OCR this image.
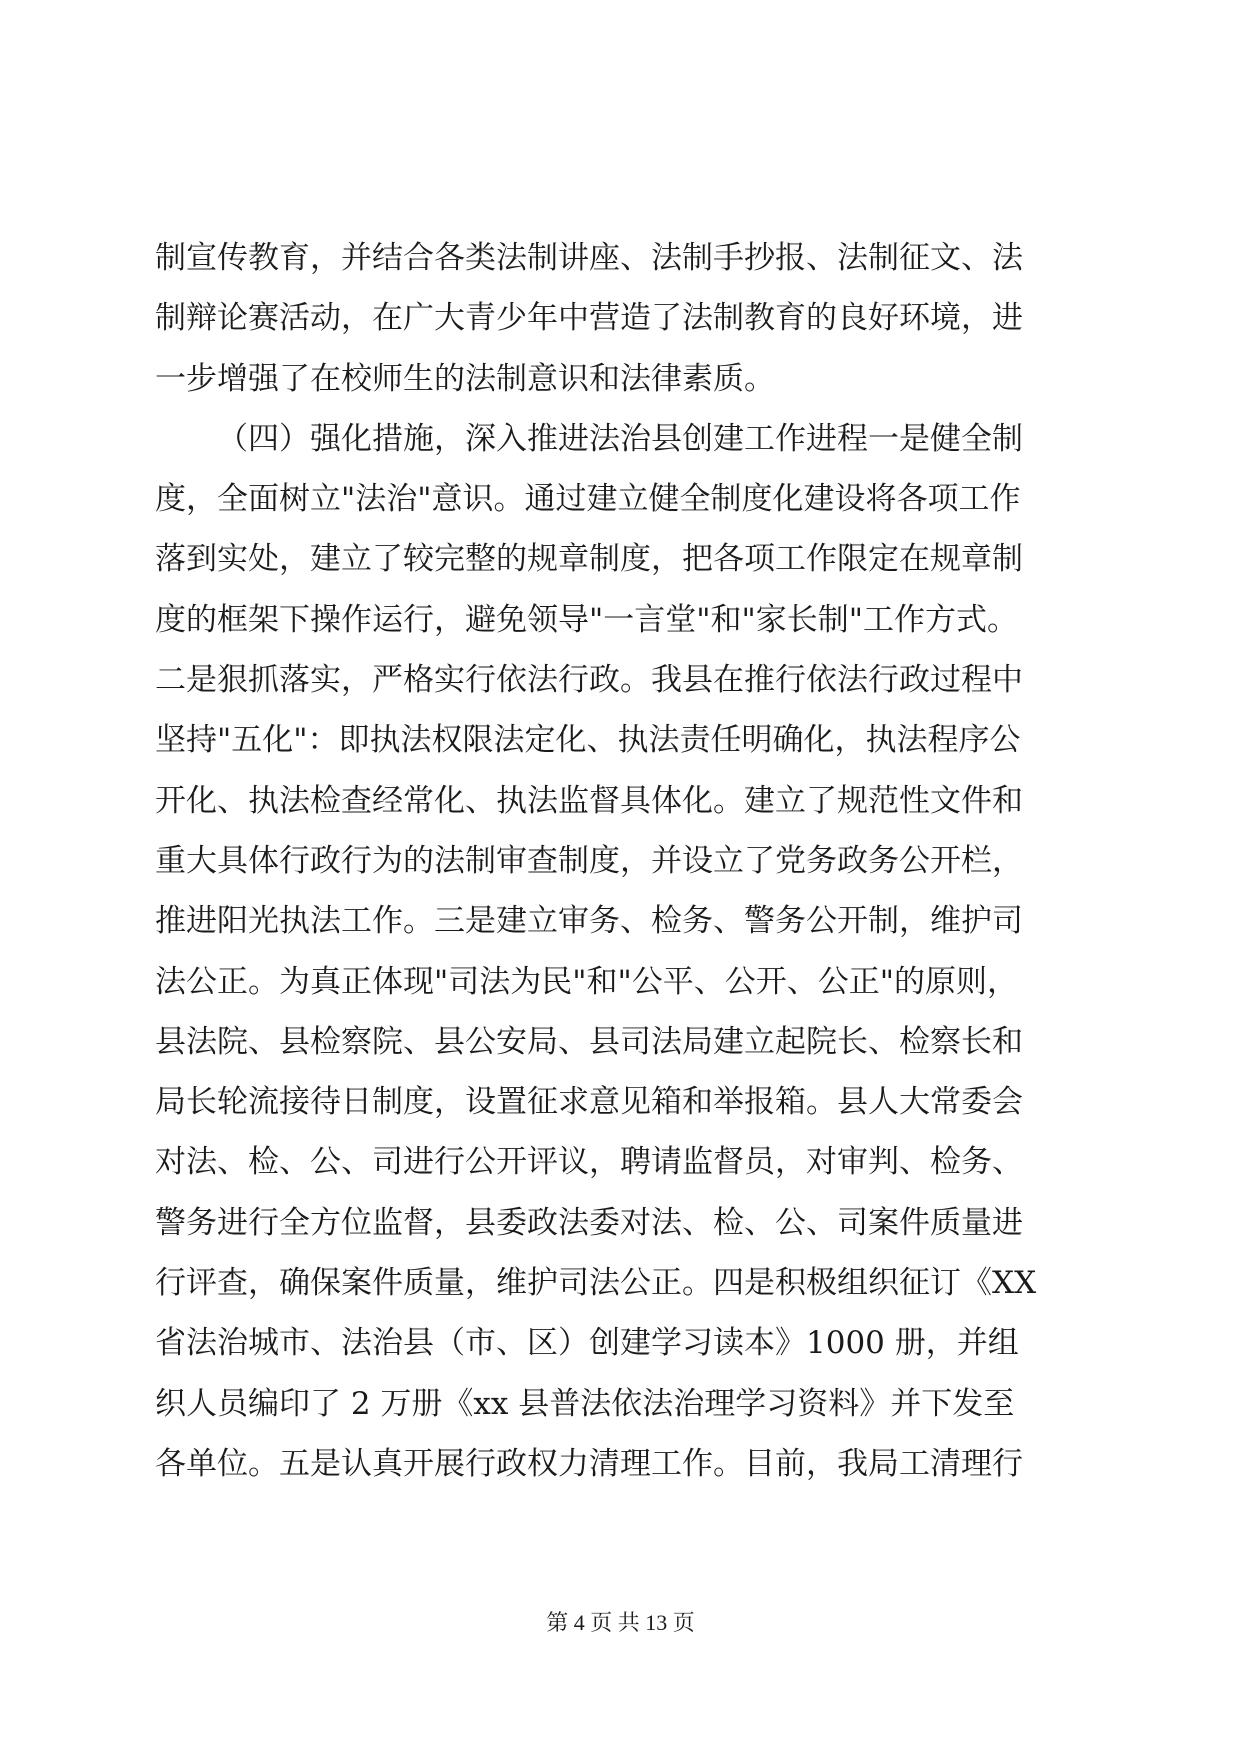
制宣传教育，并结合各类法制讲座、法制手抄报、法制征文、法
制辩论赛活动，在广大青少年中营造了法制教育的良好环境，进
一步增强了在校师生的法制意识和法律素质。
（四）强化措施，深入推进法治县创建工作进程一是健全制
度，全面树立"法治"意识。通过建立健全制度化建设将各项工作
落到实处，建立了较完整的规章制度，把各项工作限定在规章制
度的框架下操作运行，避免领导"一言堂"和"家长制"工作方式。
二是狠抓落实，严格实行依法行政。我县在推行依法行政过程中
坚持"五化"：即执法权限法定化、执法责任明确化，执法程序公
开化、执法检查经常化、执法监督具体化。建立了规范性文件和
重大具体行政行为的法制审查制度，并设立了党务政务公开栏，
推进阳光执法工作。三是建立审务、检务、警务公开制，维护司
法公正。为真正体现"司法为民"和"公平、公开、公正"的原则，
县法院、县检察院、县公安局、县司法局建立起院长、检察长和
局长轮流接待日制度，设置征求意见箱和举报箱。县人大常委会
对法、检、公、司进行公开评议，聘请监督员，对审判、检务、
警务进行全方位监督，县委政法委对法、检、公、司案件质量进
行评查，确保案件质量，维护司法公正。四是积极组织征订《XX
省法治城市、法治县（市、区）创建学习读本》1000 册，并组
织人员编印了 2 万册《xx 县普法依法治理学习资料》并下发至
各单位。五是认真开展行政权力清理工作。目前，我局工清理行
第 4 页 共 13 页
